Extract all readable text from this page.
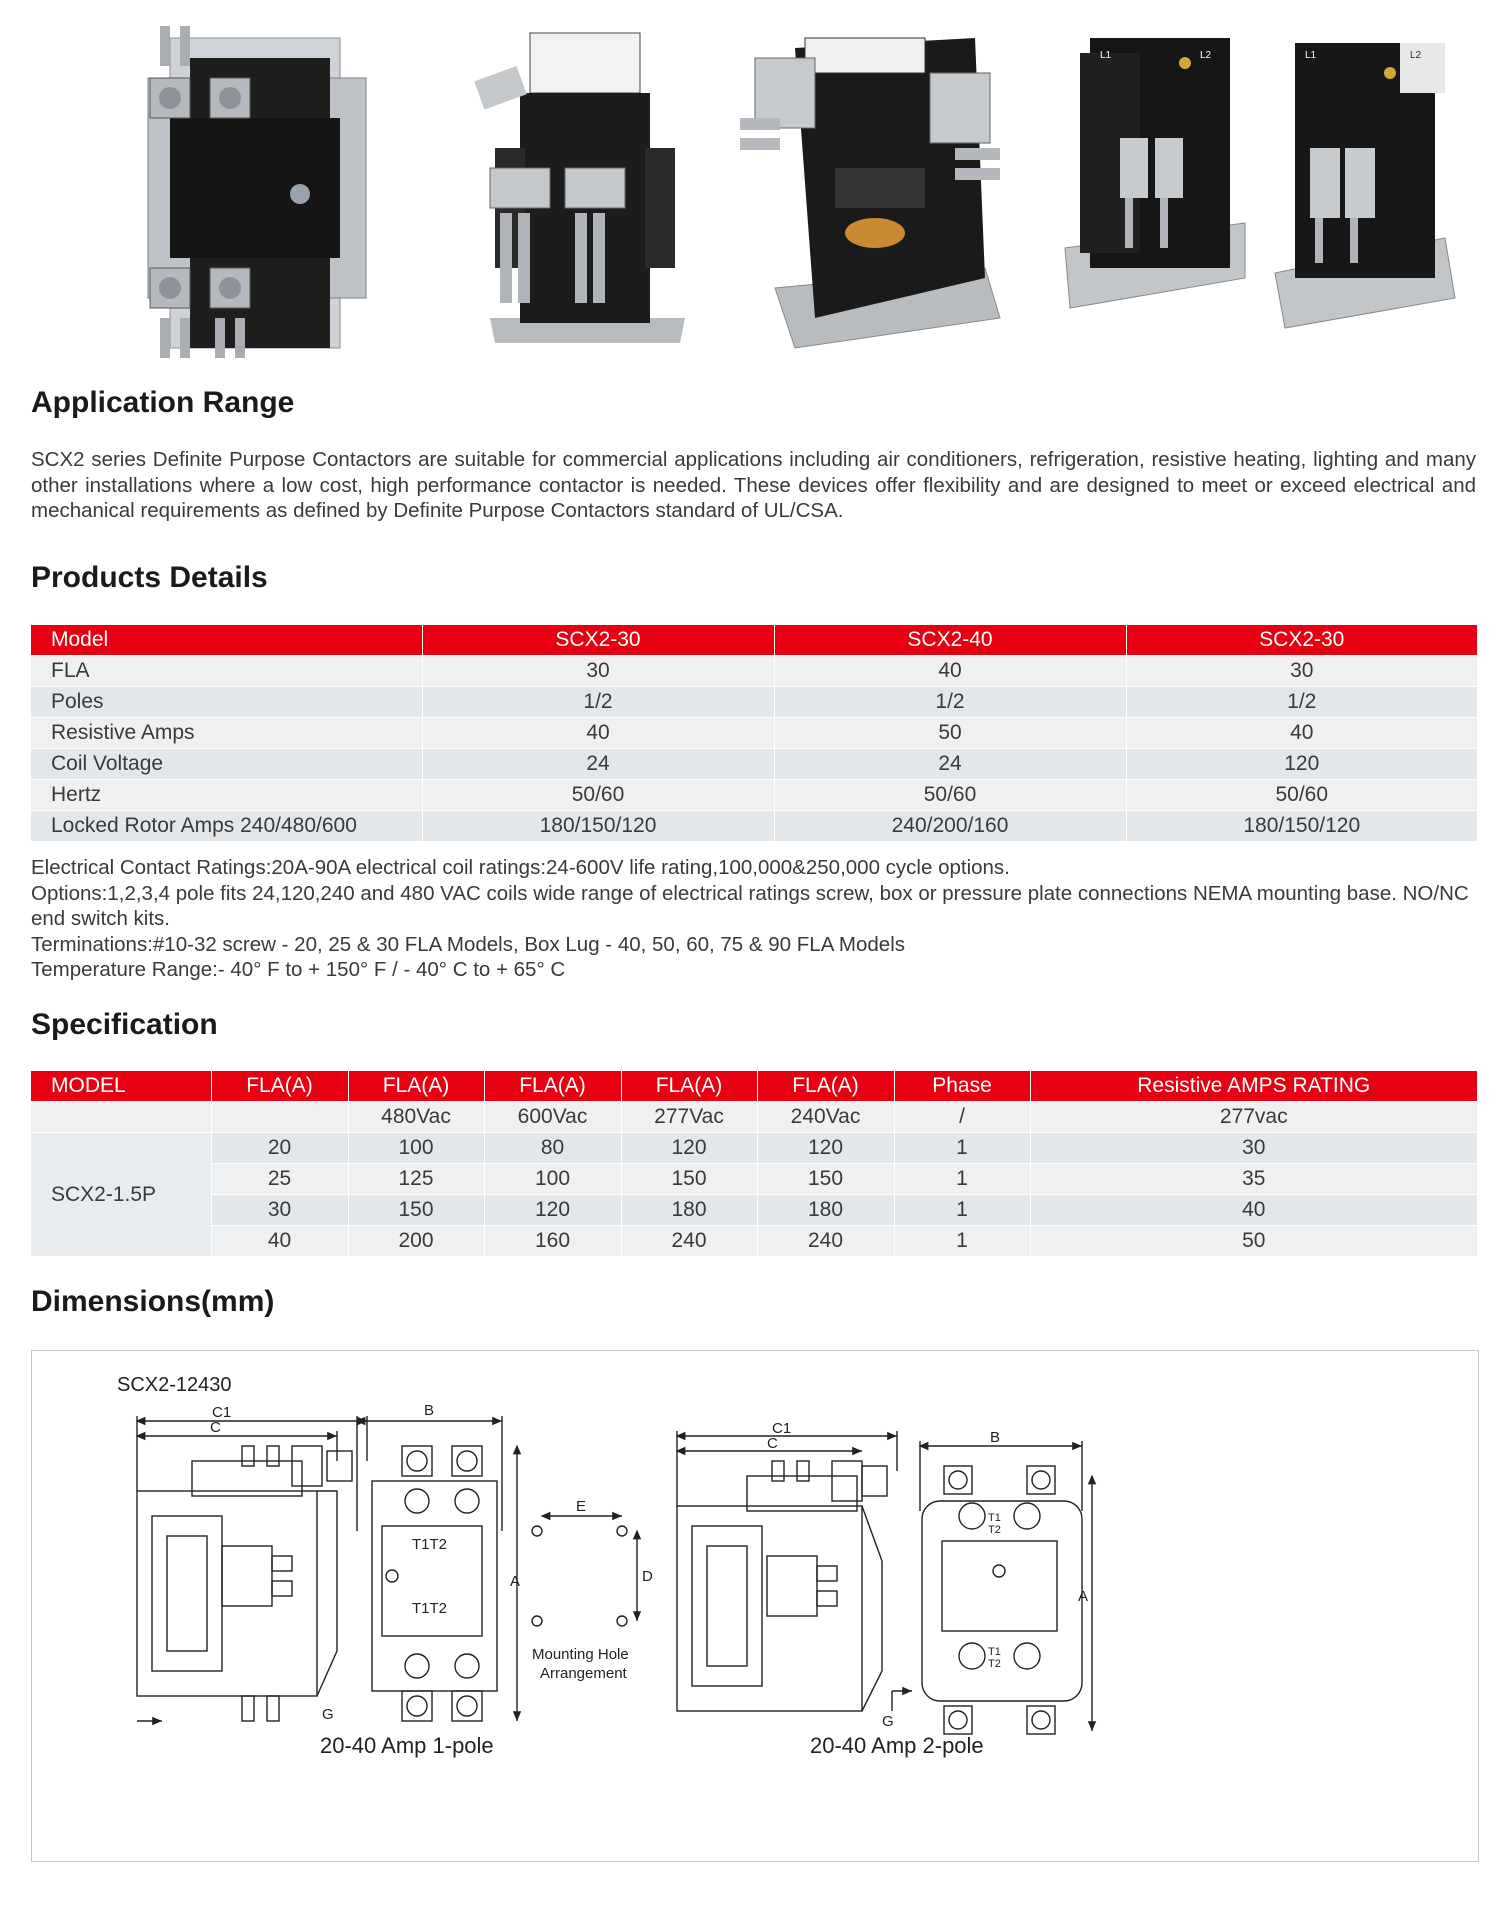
L1	L2	L1	L2
Application Range

SCX2 series Definite Purpose Contactors are suitable for commercial applications including air conditioners, refrigeration, resistive heating, lighting and many other installations where a low cost, high performance contactor is needed. These devices offer flexibility and are designed to meet or exceed electrical and mechanical requirements as defined by Definite Purpose Contactors standard of UL/CSA.

Products Details
Model	SCX2-30	SCX2-40	SCX2-30
FLA	30	40	30
Poles	1/2	1/2	1/2
Resistive Amps	40	50	40
Coil Voltage	24	24	120
Hertz	50/60	50/60	50/60
Locked Rotor Amps 240/480/600	180/150/120	240/200/160	180/150/120
Electrical Contact Ratings:20A-90A electrical coil ratings:24-600V life rating,100,000&250,000 cycle options.
Options:1,2,3,4 pole fits 24,120,240 and 480 VAC coils wide range of electrical ratings screw, box or pressure plate connections NEMA mounting base. NO/NC end switch kits.
Terminations:#10-32 screw - 20, 25 & 30 FLA Models, Box Lug - 40, 50, 60, 75 & 90 FLA Models
Temperature Range:- 40° F to + 150° F / - 40° C to + 65° C
Specification
MODEL	FLA(A)	FLA(A)	FLA(A)	FLA(A)	FLA(A)	Phase	Resistive AMPS RATING
		480Vac	600Vac	277Vac	240Vac	/	277vac
SCX2-1.5P	20	100	80	120	120	1	30
	25	125	100	150	150	1	35
	30	150	120	180	180	1	40
	40	200	160	240	240	1	50
Dimensions(mm)
SCX2-12430
C1
C
B
A
G
T1T2
T1T2
E
D
Mounting Hole
Arrangement
C1
C	B
A
G
T1
T2
T1
T2
20-40 Amp 1-pole	20-40 Amp 2-pole
